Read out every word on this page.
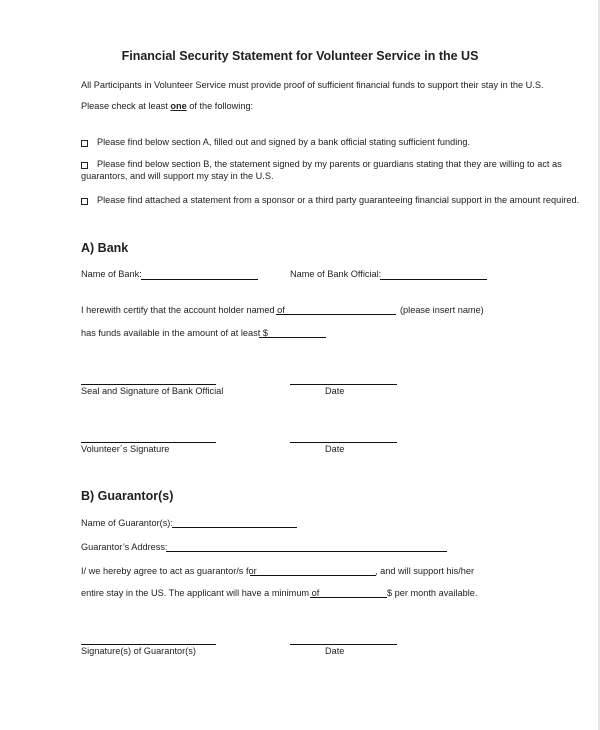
Financial Security Statement for Volunteer Service in the US
All Participants in Volunteer Service must provide proof of sufficient financial funds to support their stay in the U.S.
Please check at least one of the following:
Please find below section A, filled out and signed by a bank official stating sufficient funding.
Please find below section B, the statement signed by my parents or guardians stating that they are willing to act as
guarantors, and will support my stay in the U.S.
Please find attached a statement from a sponsor or a third party guaranteeing financial support in the amount required.
A) Bank
Name of Bank:	Name of Bank Official:
I herewith certify that the account holder named of	(please insert name)
has funds available in the amount of at least $
Seal and Signature of Bank Official	Date
Volunteer´s Signature	Date
B) Guarantor(s)
Name of Guarantor(s):
Guarantor’s Address:
I/ we hereby agree to act as guarantor/s for	, and will support his/her
entire stay in the US. The applicant will have a minimum of	$ per month available.
Signature(s) of Guarantor(s)	Date
